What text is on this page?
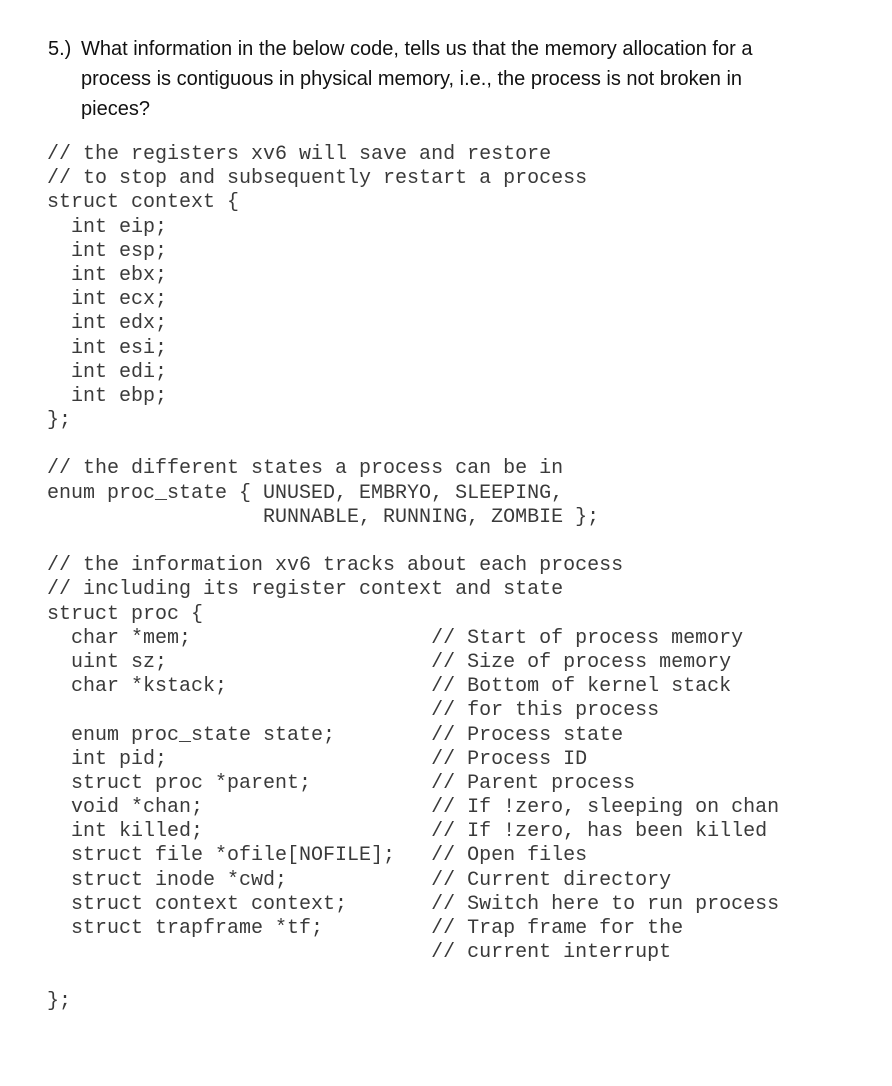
5.) What information in the below code, tells us that the memory allocation for a
process is contiguous in physical memory, i.e., the process is not broken in
pieces?
// the registers xv6 will save and restore
// to stop and subsequently restart a process
struct context {
int eip;
int esp;
int ebx;
int ecx;
int edx;
int esi;
int edi;
int ebp;
};
// the different states a process can be in
enum proc_state { UNUSED, EMBRYO, SLEEPING,
RUNNABLE, RUNNING, ZOMBIE };
// the information xv6 tracks about each process
// including its register context and state
struct proc {
char *mem;                    // Start of process memory
uint sz;                      // Size of process memory
char *kstack;                 // Bottom of kernel stack
// for this process
enum proc_state state;        // Process state
int pid;                      // Process ID
struct proc *parent;          // Parent process
void *chan;                   // If !zero, sleeping on chan
int killed;                   // If !zero, has been killed
struct file *ofile[NOFILE];   // Open files
struct inode *cwd;            // Current directory
struct context context;       // Switch here to run process
struct trapframe *tf;         // Trap frame for the
// current interrupt
};
